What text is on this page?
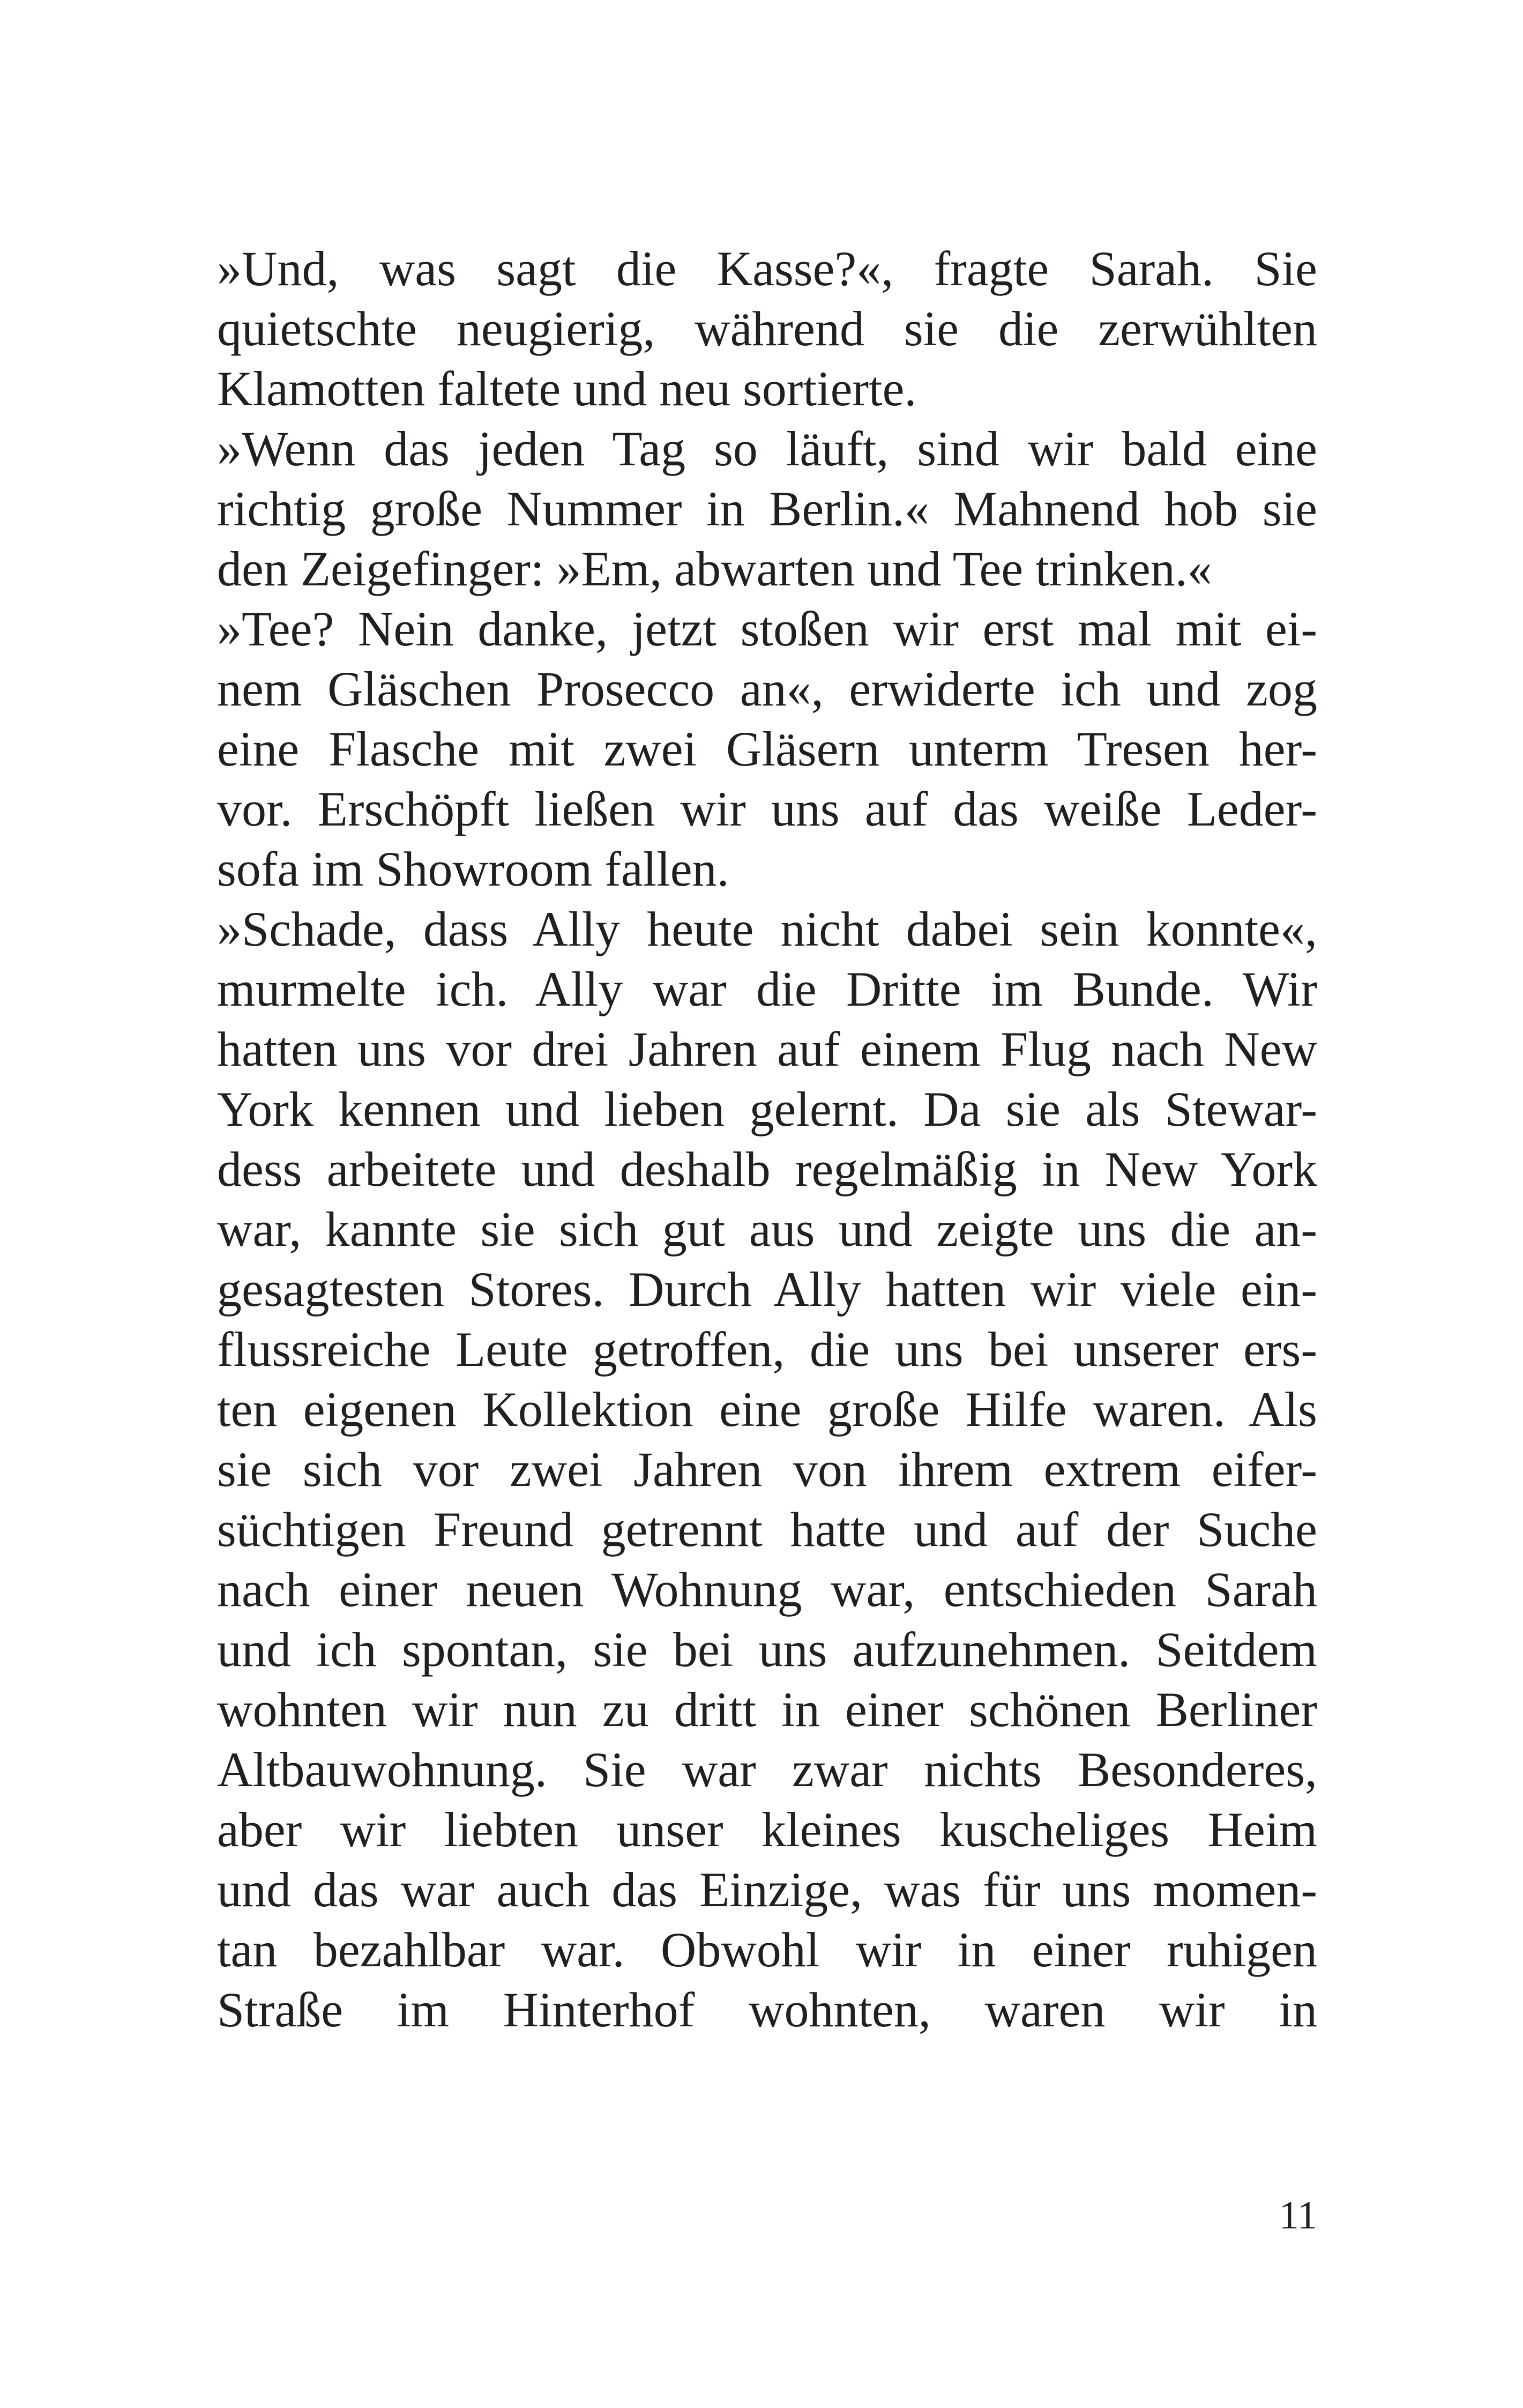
»Und, was sagt die Kasse?«, fragte Sarah. Sie
quietschte neugierig, während sie die zerwühlten
Klamotten faltete und neu sortierte.
»Wenn das jeden Tag so läuft, sind wir bald eine
richtig große Nummer in Berlin.« Mahnend hob sie
den Zeigefinger: »Em, abwarten und Tee trinken.«
»Tee? Nein danke, jetzt stoßen wir erst mal mit ei-
nem Gläschen Prosecco an«, erwiderte ich und zog
eine Flasche mit zwei Gläsern unterm Tresen her-
vor. Erschöpft ließen wir uns auf das weiße Leder-
sofa im Showroom fallen.
»Schade, dass Ally heute nicht dabei sein konnte«,
murmelte ich. Ally war die Dritte im Bunde. Wir
hatten uns vor drei Jahren auf einem Flug nach New
York kennen und lieben gelernt. Da sie als Stewar-
dess arbeitete und deshalb regelmäßig in New York
war, kannte sie sich gut aus und zeigte uns die an-
gesagtesten Stores. Durch Ally hatten wir viele ein-
flussreiche Leute getroffen, die uns bei unserer ers-
ten eigenen Kollektion eine große Hilfe waren. Als
sie sich vor zwei Jahren von ihrem extrem eifer-
süchtigen Freund getrennt hatte und auf der Suche
nach einer neuen Wohnung war, entschieden Sarah
und ich spontan, sie bei uns aufzunehmen. Seitdem
wohnten wir nun zu dritt in einer schönen Berliner
Altbauwohnung. Sie war zwar nichts Besonderes,
aber wir liebten unser kleines kuscheliges Heim
und das war auch das Einzige, was für uns momen-
tan bezahlbar war. Obwohl wir in einer ruhigen
Straße im Hinterhof wohnten, waren wir in
11
